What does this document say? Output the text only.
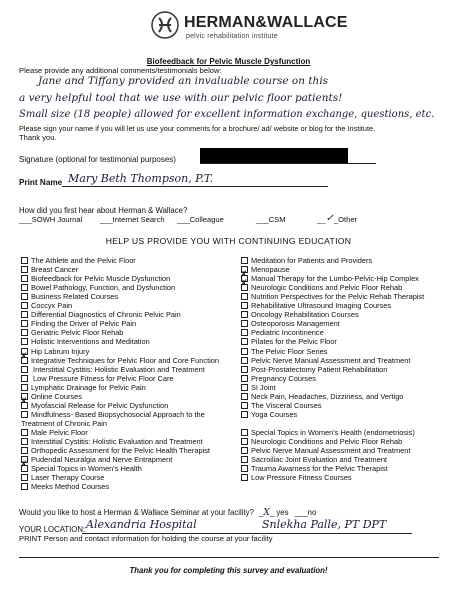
HERMAN&WALLACE
pelvic rehabilitation institute
Biofeedback for Pelvic Muscle Dysfunction
Please provide any additional comments/testimonials below:
Jane and Tiffany provided an invaluable course on this
a very helpful tool that we use with our pelvic floor patients!
Small size (18 people) allowed for excellent information exchange, questions, etc.
Please sign your name if you will let us use your comments for a brochure/ ad/ website or blog for the Institute.
Thank you.
Signature (optional for testimonial purposes)
Print Name Mary Beth Thompson, P.T.
How did you first hear about Herman & Wallace?
___SOWH Journal ___Internet Search ___Colleague	___CSM	__✓_Other
HELP US PROVIDE YOU WITH CONTINUING EDUCATION
The Athlete and the Pelvic Floor
Breast Cancer
Biofeedback for Pelvic Muscle Dysfunction
Bowel Pathology, Function, and Dysfunction
Business Related Courses
Coccyx Pain
Differential Diagnostics of Chronic Pelvic Pain
Finding the Driver of Pelvic Pain
Geriatric Pelvic Floor Rehab
Holistic Interventions and Meditation
Hip Labrum Injury
✗Integrative Techniques for Pelvic Floor and Core Function
Interstitial Cystitis: Holistic Evaluation and Treatment
Low Pressure Fitness for Pelvic Floor Care
Lymphatic Drainage for Pelvic Pain
Online Courses
✗Myofascial Release for Pelvic Dysfunction
Mindfulness- Based Biopsychosocial Approach to the
Treatment of Chronic Pain
Male Pelvic Floor
Interstitial Cystitis: Holistic Evaluation and Treatment
Orthopedic Assessment for the Pelvic Health Therapist
Pudendal Neuralgia and Nerve Entrapment
✗Special Topics in Women's Health
Laser Therapy Course
Meeks Method Courses
Meditation for Patients and Providers
Menopause
✗Manual Therapy for the Lumbo-Pelvic-Hip Complex
✗Neurologic Conditions and Pelvic Floor Rehab
Nutrition Perspectives for the Pelvic Rehab Therapist
Rehabilitative Ultrasound Imaging Courses
Oncology Rehabilitation Courses
Osteoporosis Management
Pediatric Incontinence
Pilates for the Pelvic Floor
The Pelvic Floor Series
Pelvic Nerve Manual Assessment and Treatment
Post-Prostatectomy Patient Rehabilitation
Pregnancy Courses
SI Joint
Neck Pain, Headaches, Dizziness, and Vertigo
The Visceral Courses
Yoga Courses
Special Topics in Women's Health (endometriosis)
Neurologic Conditions and Pelvic Floor Rehab
Pelvic Nerve Manual Assessment and Treatment
Sacroiliac Joint Evaluation and Treatment
Trauma Awarness for the Pelvic Therapist
Low Pressure Fitness Courses
Would you like to host a Herman & Wallace Seminar at your facility? _X_ yes ___no
YOUR LOCATION: Alexandria Hospital	Snlekha Palle, PT DPT
PRINT Person and contact information for holding the course at your facility
Thank you for completing this survey and evaluation!
